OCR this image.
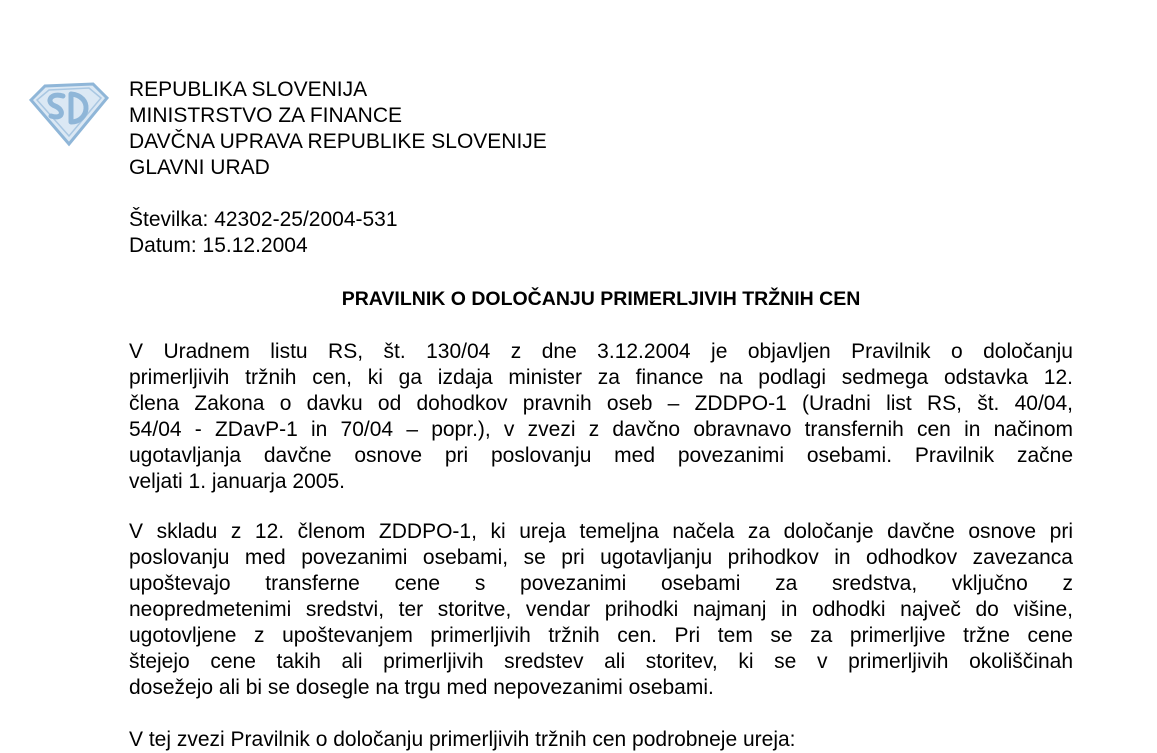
REPUBLIKA SLOVENIJA
MINISTRSTVO ZA FINANCE
DAVČNA UPRAVA REPUBLIKE SLOVENIJE
GLAVNI URAD
Številka: 42302-25/2004-531
Datum: 15.12.2004
PRAVILNIK O DOLOČANJU PRIMERLJIVIH TRŽNIH CEN
V Uradnem listu RS, št. 130/04 z dne 3.12.2004 je objavljen Pravilnik o določanju
primerljivih tržnih cen, ki ga izdaja minister za finance na podlagi sedmega odstavka 12.
člena Zakona o davku od dohodkov pravnih oseb – ZDDPO-1 (Uradni list RS, št. 40/04,
54/04 - ZDavP-1 in 70/04 – popr.), v zvezi z davčno obravnavo transfernih cen in načinom
ugotavljanja davčne osnove pri poslovanju med povezanimi osebami. Pravilnik začne
veljati 1. januarja 2005.
V skladu z 12. členom ZDDPO-1, ki ureja temeljna načela za določanje davčne osnove pri
poslovanju med povezanimi osebami, se pri ugotavljanju prihodkov in odhodkov zavezanca
upoštevajo transferne cene s povezanimi osebami za sredstva, vključno z
neopredmetenimi sredstvi, ter storitve, vendar prihodki najmanj in odhodki največ do višine,
ugotovljene z upoštevanjem primerljivih tržnih cen. Pri tem se za primerljive tržne cene
štejejo cene takih ali primerljivih sredstev ali storitev, ki se v primerljivih okoliščinah
dosežejo ali bi se dosegle na trgu med nepovezanimi osebami.
V tej zvezi Pravilnik o določanju primerljivih tržnih cen podrobneje ureja:
